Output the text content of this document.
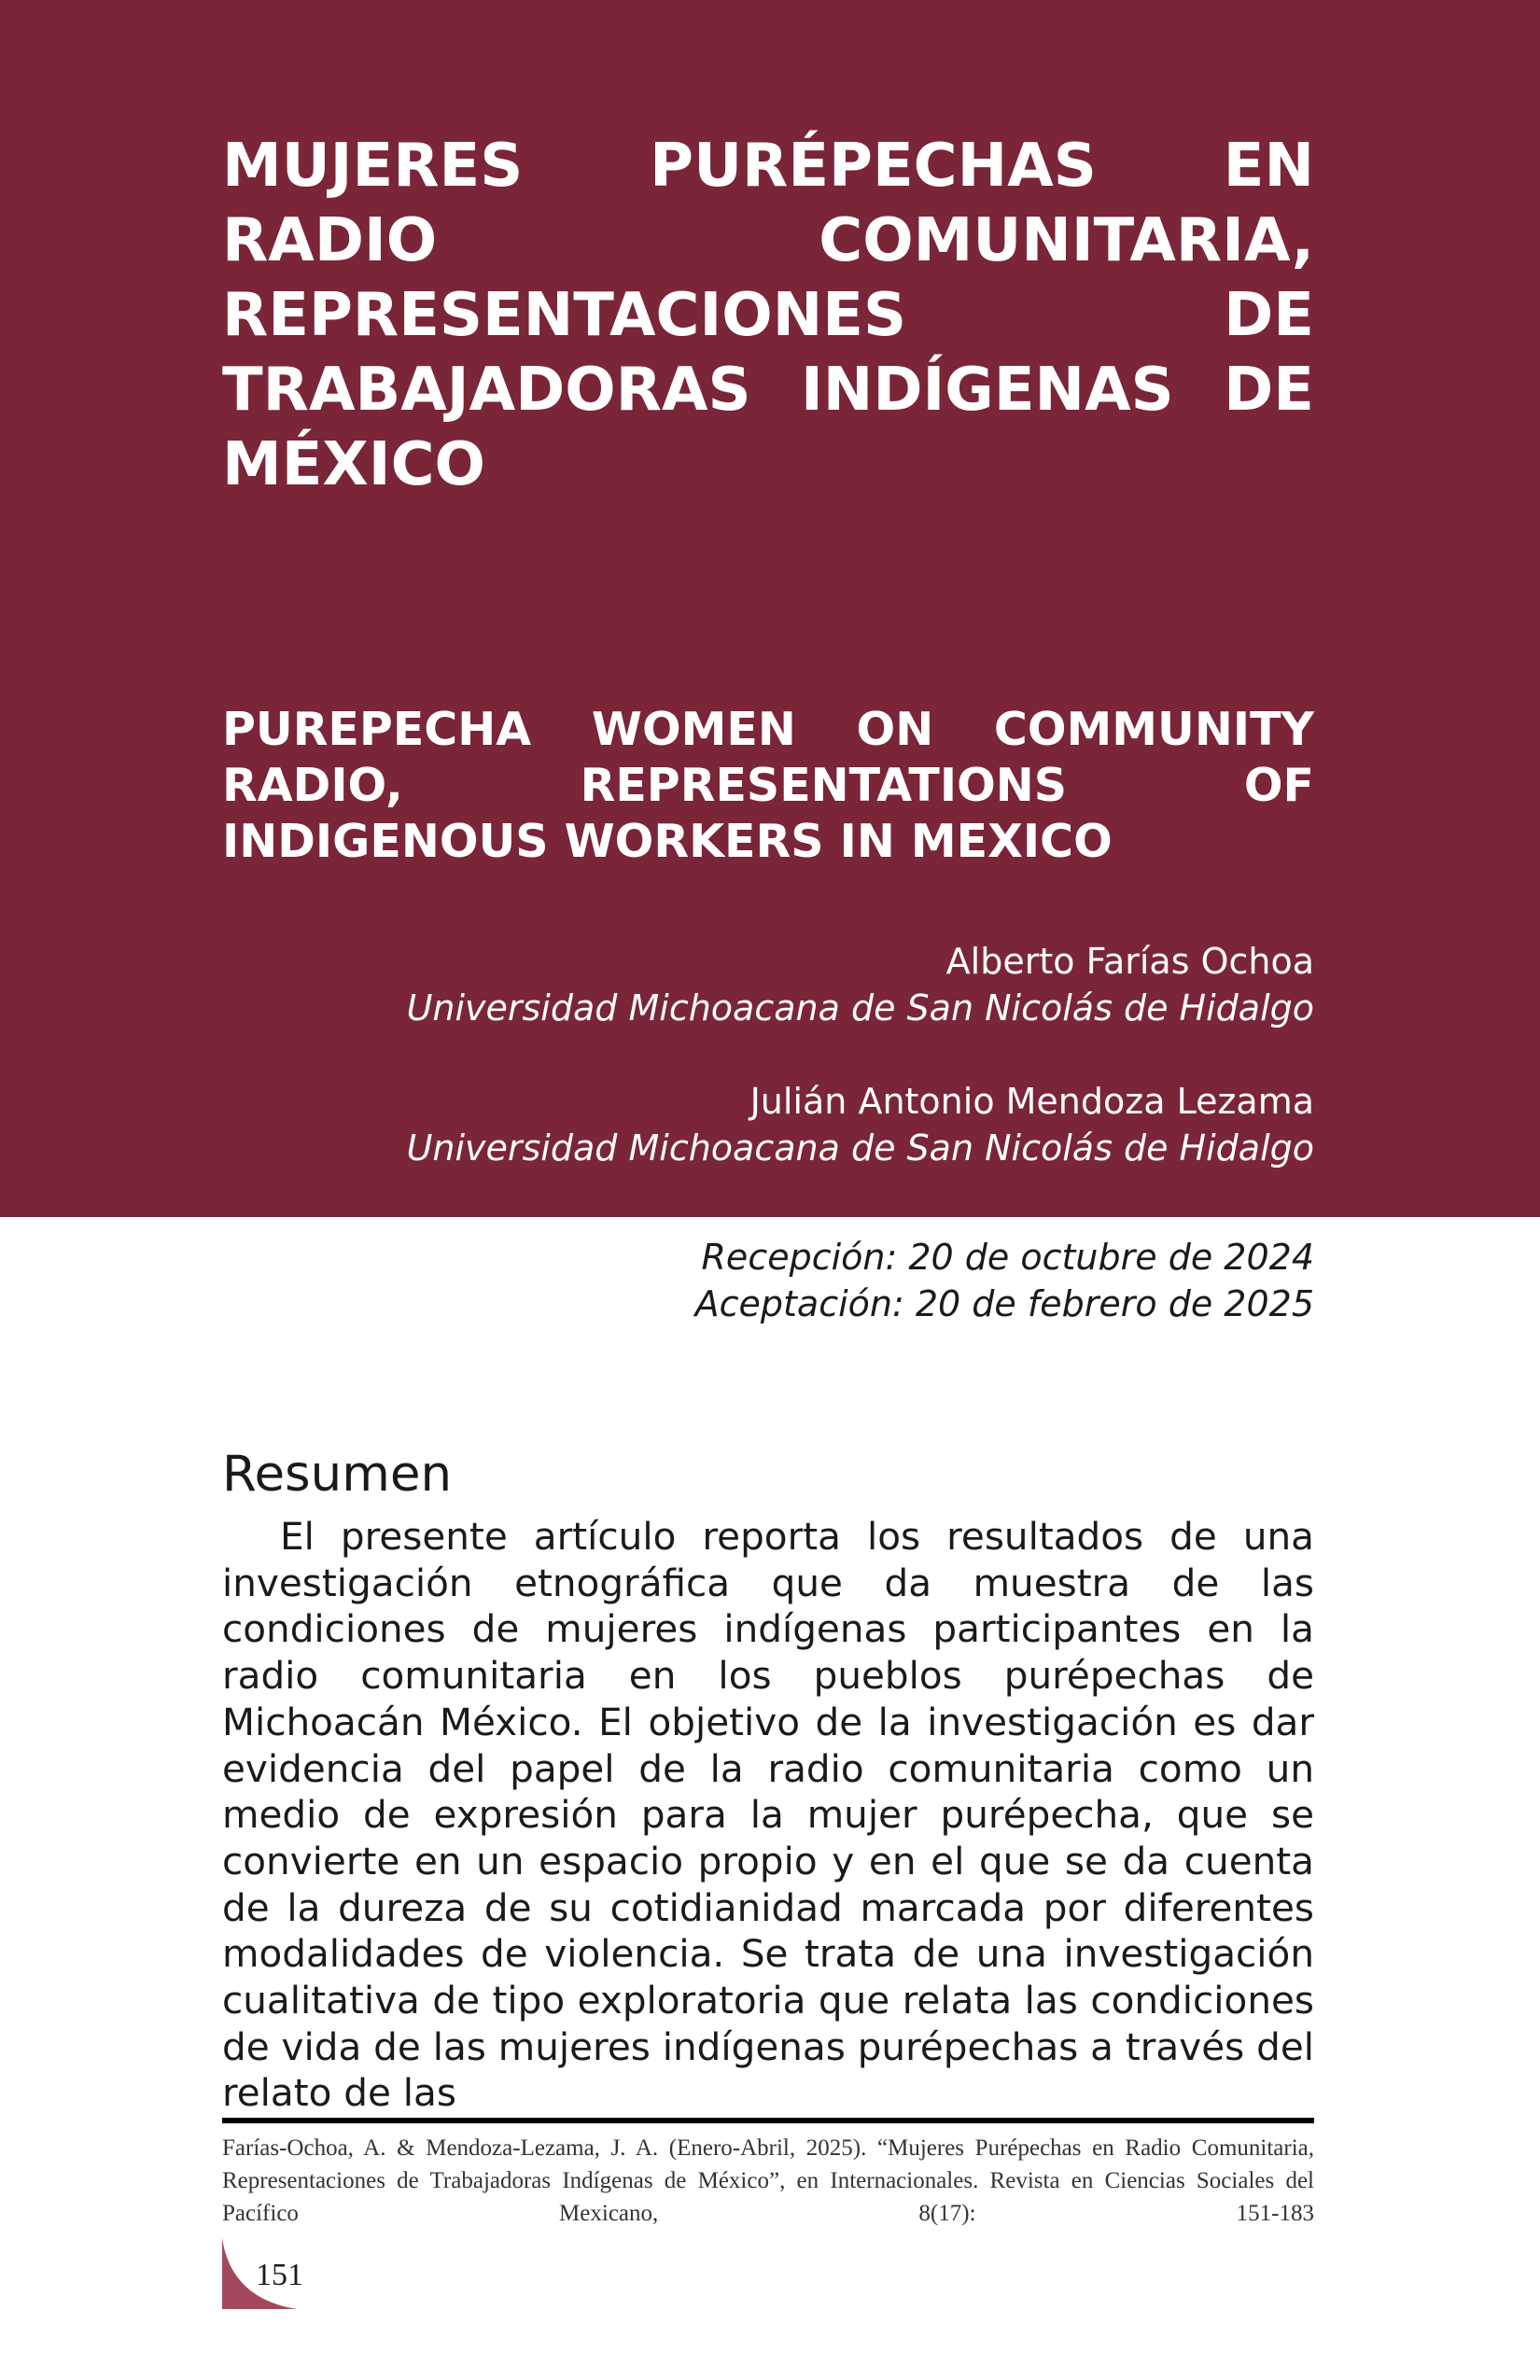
MUJERES PURÉPECHAS EN RADIO COMUNITARIA, REPRESENTACIONES DE TRABAJADORAS INDÍGENAS DE MÉXICO
PUREPECHA WOMEN ON COMMUNITY RADIO, REPRESENTATIONS OF INDIGENOUS WORKERS IN MEXICO
Alberto Farías Ochoa
Universidad Michoacana de San Nicolás de Hidalgo
Julián Antonio Mendoza Lezama
Universidad Michoacana de San Nicolás de Hidalgo
Recepción: 20 de octubre de 2024
Aceptación: 20 de febrero de 2025
Resumen

El presente artículo reporta los resultados de una investigación etnográfica que da muestra de las condiciones de mujeres indígenas participantes en la radio comunitaria en los pueblos purépechas de Michoacán México. El objetivo de la investigación es dar evidencia del papel de la radio comunitaria como un medio de expresión para la mujer purépecha, que se convierte en un espacio propio y en el que se da cuenta de la dureza de su cotidianidad marcada por diferentes modalidades de violencia. Se trata de una investigación cualitativa de tipo exploratoria que relata las condiciones de vida de las mujeres indígenas purépechas a través del relato de las

Farías-Ochoa, A. & Mendoza-Lezama, J. A. (Enero-Abril, 2025). “Mujeres Purépechas en Radio Comunitaria, Representaciones de Trabajadoras Indígenas de México”, en Internacionales. Revista en Ciencias Sociales del Pacífico Mexicano, 8(17): 151-183

151
